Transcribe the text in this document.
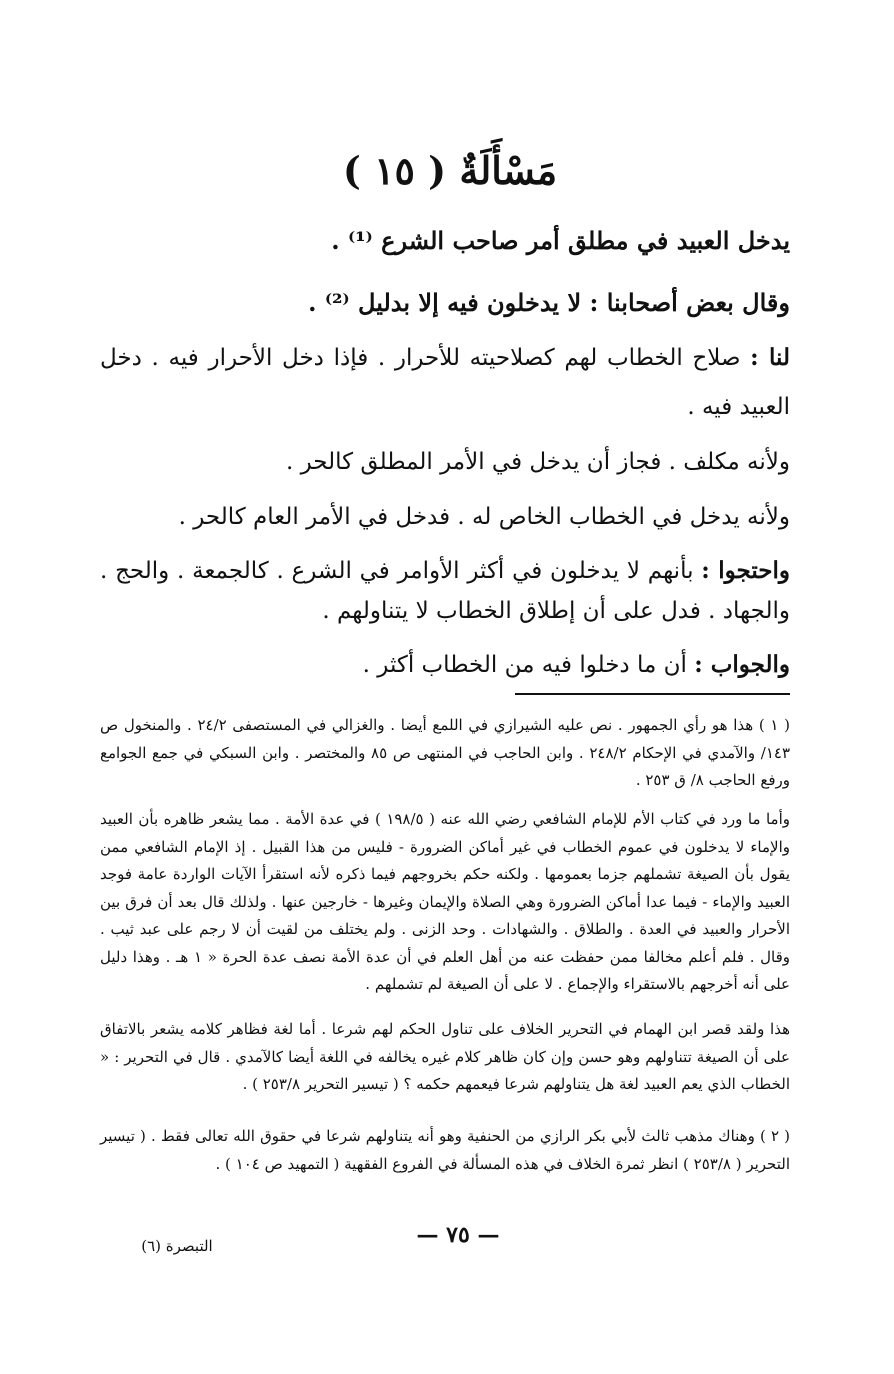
مَسْأَلَةٌ ( ١٥ )
يدخل العبيد في مطلق أمر صاحب الشرع ⁽¹⁾ .
وقال بعض أصحابنا : لا يدخلون فيه إلا بدليل ⁽²⁾ .
لنا : صلاح الخطاب لهم كصلاحيته للأحرار . فإذا دخل الأحرار فيه . دخل
العبيد فيه .
ولأنه مكلف . فجاز أن يدخل في الأمر المطلق كالحر .
ولأنه يدخل في الخطاب الخاص له . فدخل في الأمر العام كالحر .
واحتجوا : بأنهم لا يدخلون في أكثر الأوامر في الشرع . كالجمعة . والحج .
والجهاد . فدل على أن إطلاق الخطاب لا يتناولهم .
والجواب : أن ما دخلوا فيه من الخطاب أكثر .
( ١ ) هذا هو رأي الجمهور . نص عليه الشيرازي في اللمع أيضا . والغزالي في المستصفى ٢٤/٢ . والمنخول ص ١٤٣/ والآمدي في الإحكام ٢٤٨/٢ . وابن الحاجب في المنتهى ص ٨٥ والمختصر . وابن السبكي في جمع الجوامع ورفع الحاجب ٨/ ق ٢٥٣ .
وأما ما ورد في كتاب الأم للإمام الشافعي رضي الله عنه ( ١٩٨/٥ ) في عدة الأمة . مما يشعر ظاهره بأن العبيد والإماء لا يدخلون في عموم الخطاب في غير أماكن الضرورة - فليس من هذا القبيل . إذ الإمام الشافعي ممن يقول بأن الصيغة تشملهم جزما بعمومها . ولكنه حكم بخروجهم فيما ذكره لأنه استقرأ الآيات الواردة عامة فوجد العبيد والإماء - فيما عدا أماكن الضرورة وهي الصلاة والإيمان وغيرها - خارجين عنها . ولذلك قال بعد أن فرق بين الأحرار والعبيد في العدة . والطلاق . والشهادات . وحد الزنى . ولم يختلف من لقيت أن لا رجم على عبد ثيب . وقال . فلم أعلم مخالفا ممن حفظت عنه من أهل العلم في أن عدة الأمة نصف عدة الحرة « ١ هـ . وهذا دليل على أنه أخرجهم بالاستقراء والإجماع . لا على أن الصيغة لم تشملهم .
هذا ولقد قصر ابن الهمام في التحرير الخلاف على تناول الحكم لهم شرعا . أما لغة فظاهر كلامه يشعر بالاتفاق على أن الصيغة تتناولهم وهو حسن وإن كان ظاهر كلام غيره يخالفه في اللغة أيضا كالآمدي . قال في التحرير : « الخطاب الذي يعم العبيد لغة هل يتناولهم شرعا فيعمهم حكمه ؟ ( تيسير التحرير ٢٥٣/٨ ) .
( ٢ ) وهناك مذهب ثالث لأبي بكر الرازي من الحنفية وهو أنه يتناولهم شرعا في حقوق الله تعالى فقط . ( تيسير التحرير ( ٢٥٣/٨ ) انظر ثمرة الخلاف في هذه المسألة في الفروع الفقهية ( التمهيد ص ١٠٤ ) .
— ٧٥ —
التبصرة (٦)
